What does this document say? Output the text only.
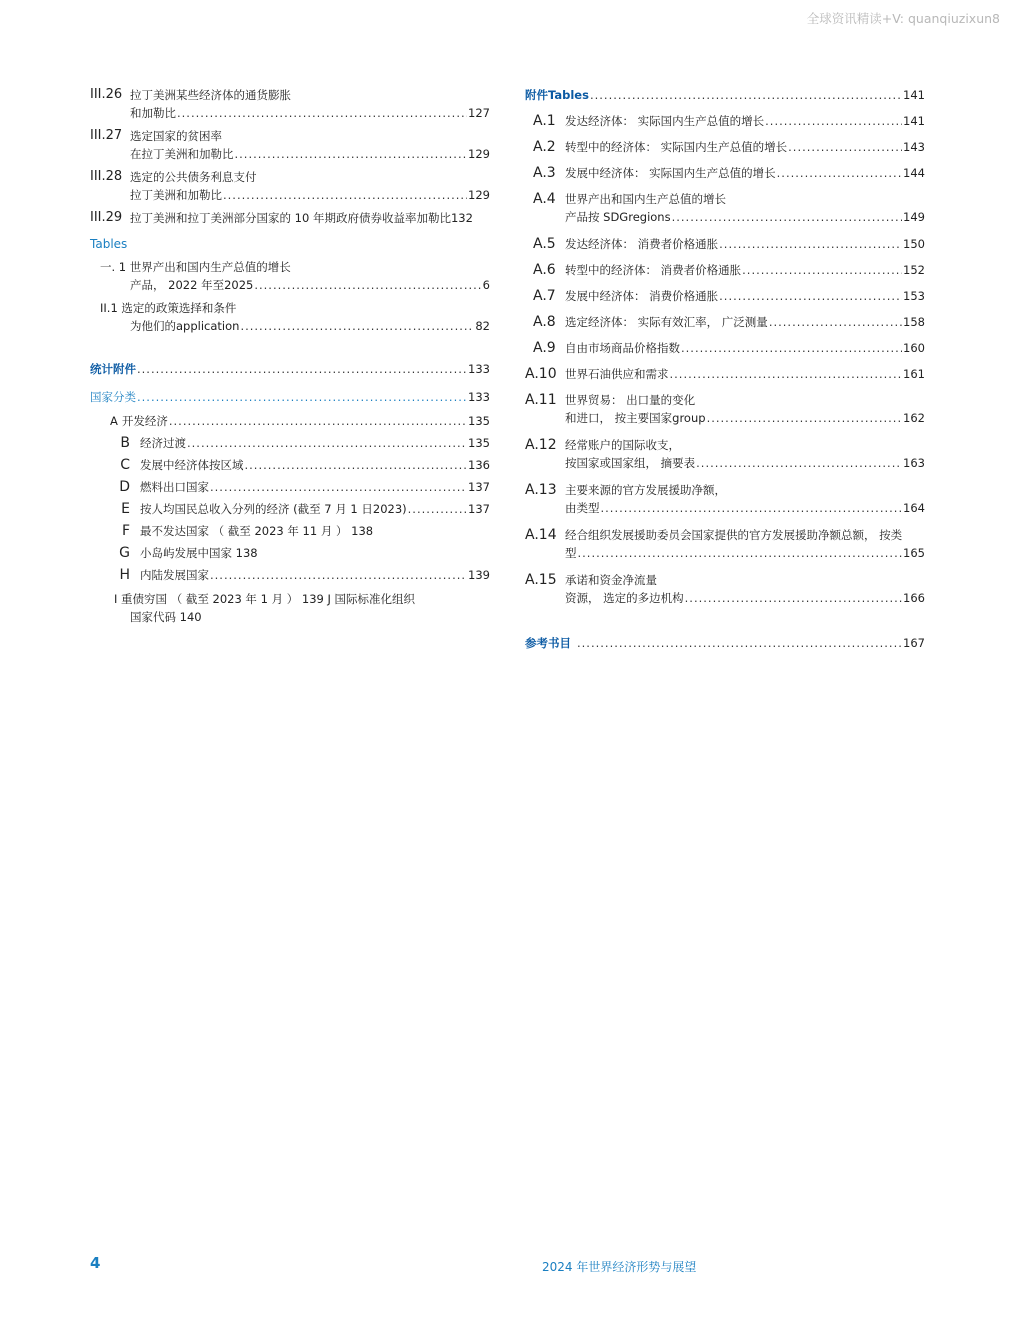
全球资讯精读+V: quanqiuzixun8
III.26 拉丁美洲某些经济体的通货膨胀
和加勒比 .....	127
III.27 选定国家的贫困率
在拉丁美洲和加勒比 .....	129
III.28 选定的公共债务利息支付
拉丁美洲和加勒比 .....	129
III.29 拉丁美洲和拉丁美洲部分国家的 10 年期政府债券收益率加勒比132
Tables
一. 1 世界产出和国内生产总值的增长
产品， 2022 年至2025 .....	6
II.1 选定的政策选择和条件
为他们的application .....	82
统计附件 .....	133
国家分类 .....	133
A 开发经济 .....	135
B 经济过渡 .....	135
C 发展中经济体按区域 .....	136
D 燃料出口国家 .....	137
E 按人均国民总收入分列的经济 (截至 7 月 1 日2023) .....	137
F 最不发达国家 （ 截至 2023 年 11 月 ） 138
G 小岛屿发展中国家 138
H 内陆发展国家 .....	139
I 重债穷国 （ 截至 2023 年 1 月 ） 139 J 国际标准化组织
国家代码 140
附件Tables .....	141
A.1 发达经济体： 实际国内生产总值的增长 .....	141
A.2 转型中的经济体： 实际国内生产总值的增长 .....	143
A.3 发展中经济体： 实际国内生产总值的增长 .....	144
A.4 世界产出和国内生产总值的增长
产品按 SDGregions .....	149
A.5 发达经济体： 消费者价格通胀 .....	150
A.6 转型中的经济体： 消费者价格通胀 .....	152
A.7 发展中经济体： 消费价格通胀 .....	153
A.8 选定经济体： 实际有效汇率， 广泛测量 .....	158
A.9 自由市场商品价格指数 .....	160
A.10 世界石油供应和需求 .....	161
A.11 世界贸易： 出口量的变化
和进口， 按主要国家group .....	162
A.12 经常账户的国际收支，
按国家或国家组， 摘要表 .....	163
A.13 主要来源的官方发展援助净额，
由类型 .....	164
A.14 经合组织发展援助委员会国家提供的官方发展援助净额总额， 按类
型 .....	165
A.15 承诺和资金净流量
资源， 选定的多边机构 .....	166
参考书目 .....	167
4	2024 年世界经济形势与展望
